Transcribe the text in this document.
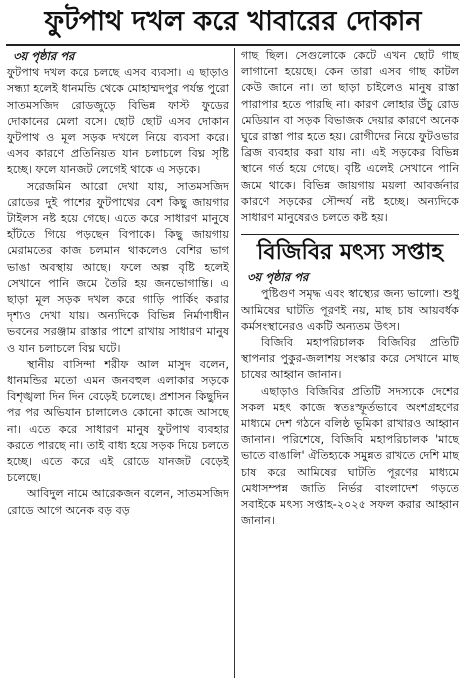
ফুটপাথ দখল করে খাবারের দোকান
৩য় পৃষ্ঠার পর

ফুটপাথ দখল করে চলছে এসব ব্যবসা। এ ছাড়াও সন্ধ্যা হলেই ধানমন্ডি থেকে মোহাম্মদপুর পর্যন্ত পুরো সাতমসজিদ রোডজুড়ে বিভিন্ন ফাস্ট ফুডের দোকানের মেলা বসে। ছোট ছোট এসব দোকান ফুটপাথ ও মূল সড়ক দখলে নিয়ে ব্যবসা করে। এসব কারণে প্রতিনিয়ত যান চলাচলে বিঘ্ন সৃষ্টি হচ্ছে। ফলে যানজট লেগেই থাকে এ সড়কে।

সরেজমিন আরো দেখা যায়, সাতমসজিদ রোডের দুই পাশের ফুটপাথের বেশ কিছু জায়গার টাইলস নষ্ট হয়ে গেছে। এতে করে সাধারণ মানুষে হাঁটতে গিয়ে পড়ছেন বিপাকে। কিছু জায়গায় মেরামতের কাজ চলমান থাকলেও বেশির ভাগ ভাঙা অবস্থায় আছে। ফলে অল্প বৃষ্টি হলেই সেখানে পানি জমে তৈরি হয় জনভোগান্তি। এ ছাড়া মূল সড়ক দখল করে গাড়ি পার্কিং করার দৃশ্যও দেখা যায়। অন্যদিকে বিভিন্ন নির্মাণাধীন ভবনের সরঞ্জাম রাস্তার পাশে রাখায় সাধারণ মানুষ ও যান চলাচলে বিঘ্ন ঘটে।

স্থানীয় বাসিন্দা শরীফ আল মাসুদ বলেন, ধানমন্ডির মতো এমন জনবহুল এলাকার সড়কে বিশৃঙ্খলা দিন দিন বেড়েই চলেছে। প্রশাসন কিছুদিন পর পর অভিযান চালালেও কোনো কাজে আসছে না। এতে করে সাধারণ মানুষ ফুটপাথ ব্যবহার করতে পারছে না। তাই বাধ্য হয়ে সড়ক দিয়ে চলতে হচ্ছে। এতে করে এই রোডে যানজট বেড়েই চলেছে।

আবিদুল নামে আরেকজন বলেন, সাতমসজিদ রোডে আগে অনেক বড় বড়

গাছ ছিল। সেগুলোকে কেটে এখন ছোট গাছ লাগানো হয়েছে। কেন তারা এসব গাছ কাটল কেউ জানে না। তা ছাড়া চাইলেও মানুষ রাস্তা পারাপার হতে পারছি না। কারণ লোহার উঁচু রোড মেডিয়ান বা সড়ক বিভাজক দেয়ার কারণে অনেক ঘুরে রাস্তা পার হতে হয়। রোগীদের নিয়ে ফুটওভার ব্রিজ ব্যবহার করা যায় না। এই সড়কের বিভিন্ন স্থানে গর্ত হয়ে গেছে। বৃষ্টি এলেই সেখানে পানি জমে থাকে। বিভিন্ন জায়গায় ময়লা আবর্জনার কারণে সড়কের সৌন্দর্য নষ্ট হচ্ছে। অন্যদিকে সাধারণ মানুষেরও চলতে কষ্ট হয়।

বিজিবির মৎস্য সপ্তাহ
৩য় পৃষ্ঠার পর

পুষ্টিগুণ সমৃদ্ধ এবং স্বাস্থ্যের জন্য ভালো। শুধু আমিষের ঘাটতি পূরণই নয়, মাছ চাষ আয়বর্ধক কর্মসংস্থানেরও একটি অন্যতম উৎস।

বিজিবি মহাপরিচালক বিজিবির প্রতিটি স্থাপনার পুকুর-জলাশয় সংস্কার করে সেখানে মাছ চাষের আহ্বান জানান।

এছাড়াও বিজিবির প্রতিটি সদস্যকে দেশের সকল মহৎ কাজে স্বতঃস্ফূর্তভাবে অংশগ্রহণের মাধ্যমে দেশ গঠনে বলিষ্ঠ ভূমিকা রাখারও আহ্বান জানান। পরিশেষে, বিজিবি মহাপরিচালক 'মাছে ভাতে বাঙালি' ঐতিহ্যকে সমুন্নত রাখতে দেশি মাছ চাষ করে আমিষের ঘাটতি পূরণের মাধ্যমে মেধাসম্পন্ন জাতি নির্ভর বাংলাদেশ গড়তে সবাইকে মৎস্য সপ্তাহ-২০২৫ সফল করার আহ্বান জানান।
